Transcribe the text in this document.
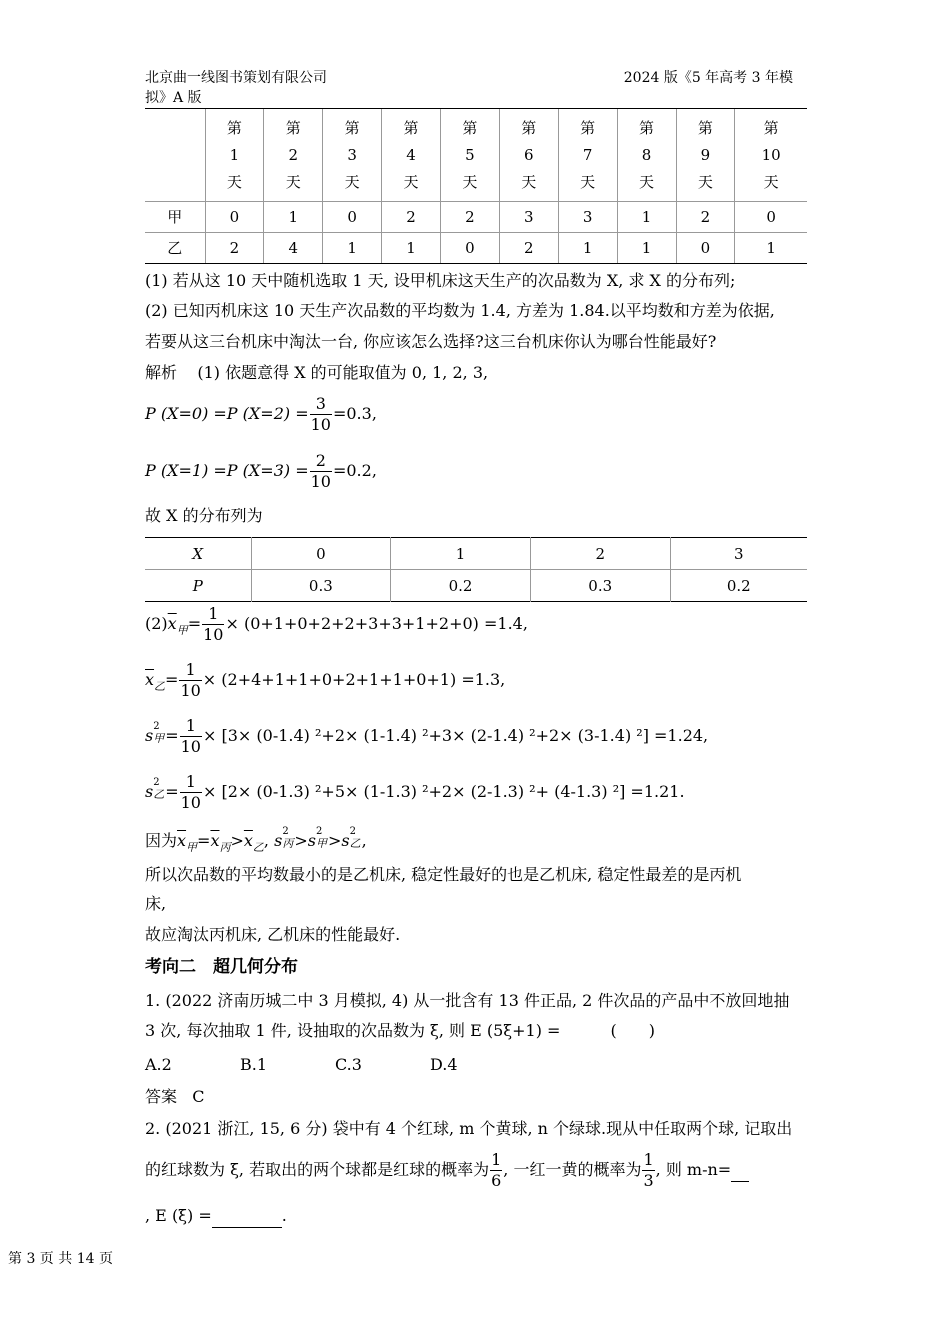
北京曲一线图书策划有限公司
拟》A 版
2024 版《5 年高考 3 年模
	第
1
天	第
2
天	第
3
天	第
4
天	第
5
天	第
6
天	第
7
天	第
8
天	第
9
天	第
10
天
甲	0	1	0	2	2	3	3	1	2	0
乙	2	4	1	1	0	2	1	1	0	1
(1) 若从这 10 天中随机选取 1 天, 设甲机床这天生产的次品数为 X, 求 X 的分布列;
(2) 已知丙机床这 10 天生产次品数的平均数为 1.4, 方差为 1.84.以平均数和方差为依据,
若要从这三台机床中淘汰一台, 你应该怎么选择?这三台机床你认为哪台性能最好?
解析 (1) 依题意得 X 的可能取值为 0, 1, 2, 3,
P (X=0) =P $(X=2) = \frac{3}{10} =0.3$,
P (X=1) =P $(X=3) = \frac{2}{10} =0.2$,
故 X 的分布列为
X	0	1	2	3
P	0.3	0.2	0.3	0.2
$(2)\overline{x}_甲= \frac{1}{10} \times (0+1+0+2+2+3+3+1+2+0) =1.4$,
$\overline{x}_乙= \frac{1}{10} \times (2+4+1+1+0+2+1+1+0+1) =1.3$,
s 2
甲 = $\frac{1}{10} \times [3\times (0-1.4)$ ²+2× (1-1.4) ²+3× (2-1.4) ²+2× (3-1.4) ²] =1.24,
s 2
乙 = $\frac{1}{10} \times [2\times (0-1.3)$ ²+5× (1-1.3) ²+2× (2-1.3) ²+ (4-1.3) ²] =1.21.
因为$\overline{x}_甲=\overline{x}_丙>\overline{x}_乙$, s 2
丙 >s 2
甲 >s 2
乙 ,
所以次品数的平均数最小的是乙机床, 稳定性最好的也是乙机床, 稳定性最差的是丙机
床,
故应淘汰丙机床, 乙机床的性能最好.
考向二　超几何分布
1. (2022 济南历城二中 3 月模拟, 4) 从一批含有 13 件正品, 2 件次品的产品中不放回地抽
3 次, 每次抽取 1 件, 设抽取的次品数为 ξ, 则 E (5ξ+1) =	(　　)
A.2	B.1	C.3	D.4
答案 C
2. (2021 浙江, 15, 6 分) 袋中有 4 个红球, m 个黄球, n 个绿球.现从中任取两个球, 记取出
的红球数为 ξ, 若取出的两个球都是红球的概率为 $\frac{1}{6}$ , 一红一黄的概率为 $\frac{1}{3}$ , 则 m-n=
, E (ξ) =	.
第 3 页 共 14 页
